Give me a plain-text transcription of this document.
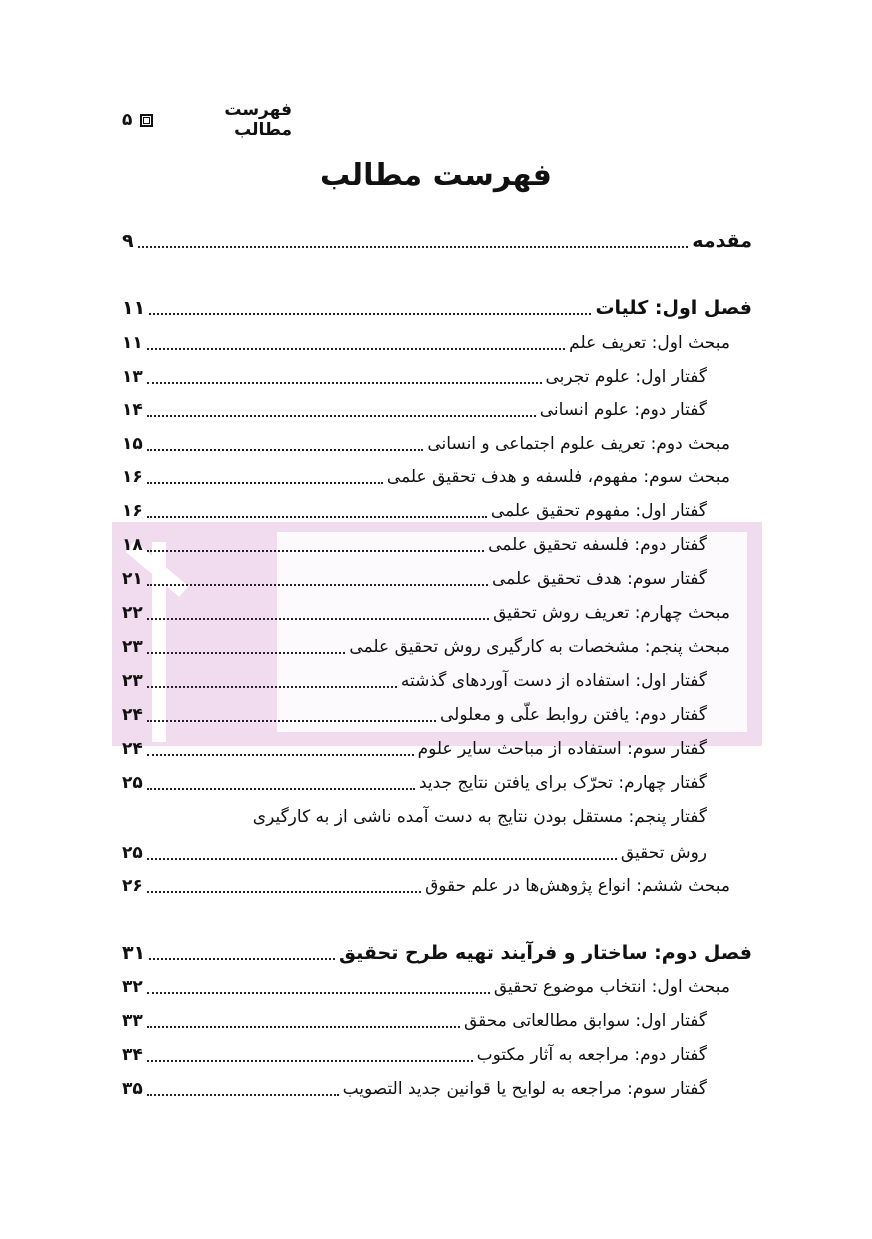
فهرست مطالب
۵
فهرست مطالب
مقدمه
۹
فصل اول: کلیات
۱۱
مبحث اول: تعریف علم
۱۱
گفتار اول: علوم تجربی
۱۳
گفتار دوم: علوم انسانی
۱۴
مبحث دوم: تعریف علوم اجتماعی و انسانی
۱۵
مبحث سوم: مفهوم، فلسفه و هدف تحقیق علمی
۱۶
گفتار اول: مفهوم تحقیق علمی
۱۶
گفتار دوم: فلسفه تحقیق علمی
۱۸
گفتار سوم: هدف تحقیق علمی
۲۱
مبحث چهارم: تعریف روش تحقیق
۲۲
مبحث پنجم: مشخصات به کارگیری روش تحقیق علمی
۲۳
گفتار اول: استفاده از دست آوردهای گذشته
۲۳
گفتار دوم: یافتن روابط علّی و معلولی
۲۴
گفتار سوم: استفاده از مباحث سایر علوم
۲۴
گفتار چهارم: تحرّک برای یافتن نتایج جدید
۲۵
گفتار پنجم: مستقل بودن نتایج به دست آمده ناشی از به کارگیری
روش تحقیق
۲۵
مبحث ششم: انواع پژوهش‌ها در علم حقوق
۲۶
فصل دوم: ساختار و فرآیند تهیه طرح تحقیق
۳۱
مبحث اول: انتخاب موضوع تحقیق
۳۲
گفتار اول: سوابق مطالعاتی محقق
۳۳
گفتار دوم: مراجعه به آثار مکتوب
۳۴
گفتار سوم: مراجعه به لوایح یا قوانین جدید التصویب
۳۵
